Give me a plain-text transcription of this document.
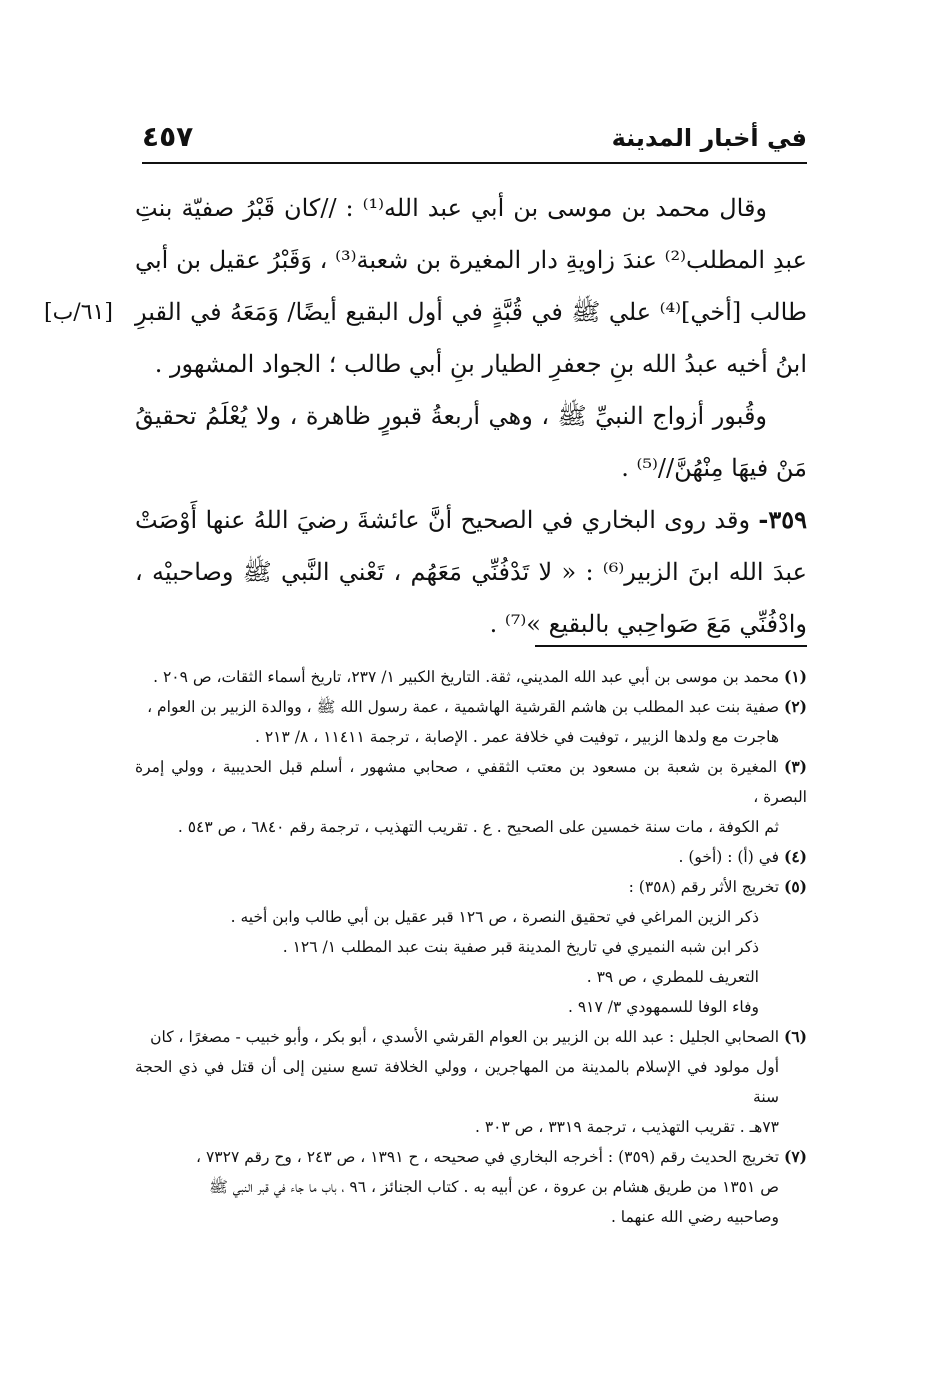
في أخبار المدينة
٤٥٧
[٦١/ب]

وقال محمد بن موسى بن أبي عبد الله⁽¹⁾ : //كان قَبْرُ صفيّة بنتِ عبدِ المطلب⁽²⁾ عندَ زاويةِ دار المغيرة بن شعبة⁽³⁾ ، وَقَبْرُ عقيل بن أبي طالب [أخي]⁽⁴⁾ علي ﷺ في قُبَّةٍ في أول البقيع أيضًا/ وَمَعَهُ في القبرِ ابنُ أخيه عبدُ الله بنِ جعفرِ الطيار بنِ أبي طالب ؛ الجواد المشهور .

وقُبور أزواج النبيِّ ﷺ ، وهي أربعةُ قبورٍ ظاهرة ، ولا يُعْلَمُ تحقيقُ مَنْ فيهَا مِنْهُنَّ//⁽⁵⁾ .

٣٥٩- وقد روى البخاري في الصحيح أنَّ عائشةَ رضيَ اللهُ عنها أَوْصَتْ عبدَ الله ابنَ الزبير⁽⁶⁾ : « لا تَدْفُنِّي مَعَهُم ، تَعْني النَّبي ﷺ وصاحبيْه ، وادْفُنِّي مَعَ صَواحِبي بالبقيع »⁽⁷⁾ .

(١) محمد بن موسى بن أبي عبد الله المديني، ثقة. التاريخ الكبير ١/ ٢٣٧، تاريخ أسماء الثقات، ص ٢٠٩ .

(٢) صفية بنت عبد المطلب بن هاشم القرشية الهاشمية ، عمة رسول الله ﷺ ، ووالدة الزبير بن العوام ،

هاجرت مع ولدها الزبير ، توفيت في خلافة عمر . الإصابة ، ترجمة ١١٤١١ ، ٨/ ٢١٣ .

(٣) المغيرة بن شعبة بن مسعود بن معتب الثقفي ، صحابي مشهور ، أسلم قبل الحديبية ، وولي إمرة البصرة ،

ثم الكوفة ، مات سنة خمسين على الصحيح . ع . تقريب التهذيب ، ترجمة رقم ٦٨٤٠ ، ص ٥٤٣ .

(٤) في (أ) : (أخو) .

(٥) تخريج الأثر رقم (٣٥٨) :

ذكر الزين المراغي في تحقيق النصرة ، ص ١٢٦ قبر عقيل بن أبي طالب وابن أخيه .

ذكر ابن شبه النميري في تاريخ المدينة قبر صفية بنت عبد المطلب ١/ ١٢٦ .

التعريف للمطري ، ص ٣٩ .

وفاء الوفا للسمهودي ٣/ ٩١٧ .

(٦) الصحابي الجليل : عبد الله بن الزبير بن العوام القرشي الأسدي ، أبو بكر ، وأبو خبيب - مصغرًا ، كان

أول مولود في الإسلام بالمدينة من المهاجرين ، وولي الخلافة تسع سنين إلى أن قتل في ذي الحجة سنة

٧٣هـ . تقريب التهذيب ، ترجمة ٣٣١٩ ، ص ٣٠٣ .

(٧) تخريج الحديث رقم (٣٥٩) : أخرجه البخاري في صحيحه ، ح ١٣٩١ ، ص ٢٤٣ ، وح رقم ٧٣٢٧ ،

ص ١٣٥١ من طريق هشام بن عروة ، عن أبيه به . كتاب الجنائز ، ٩٦ ، باب ما جاء في قبر النبي ﷺ

وصاحبيه رضي الله عنهما .
